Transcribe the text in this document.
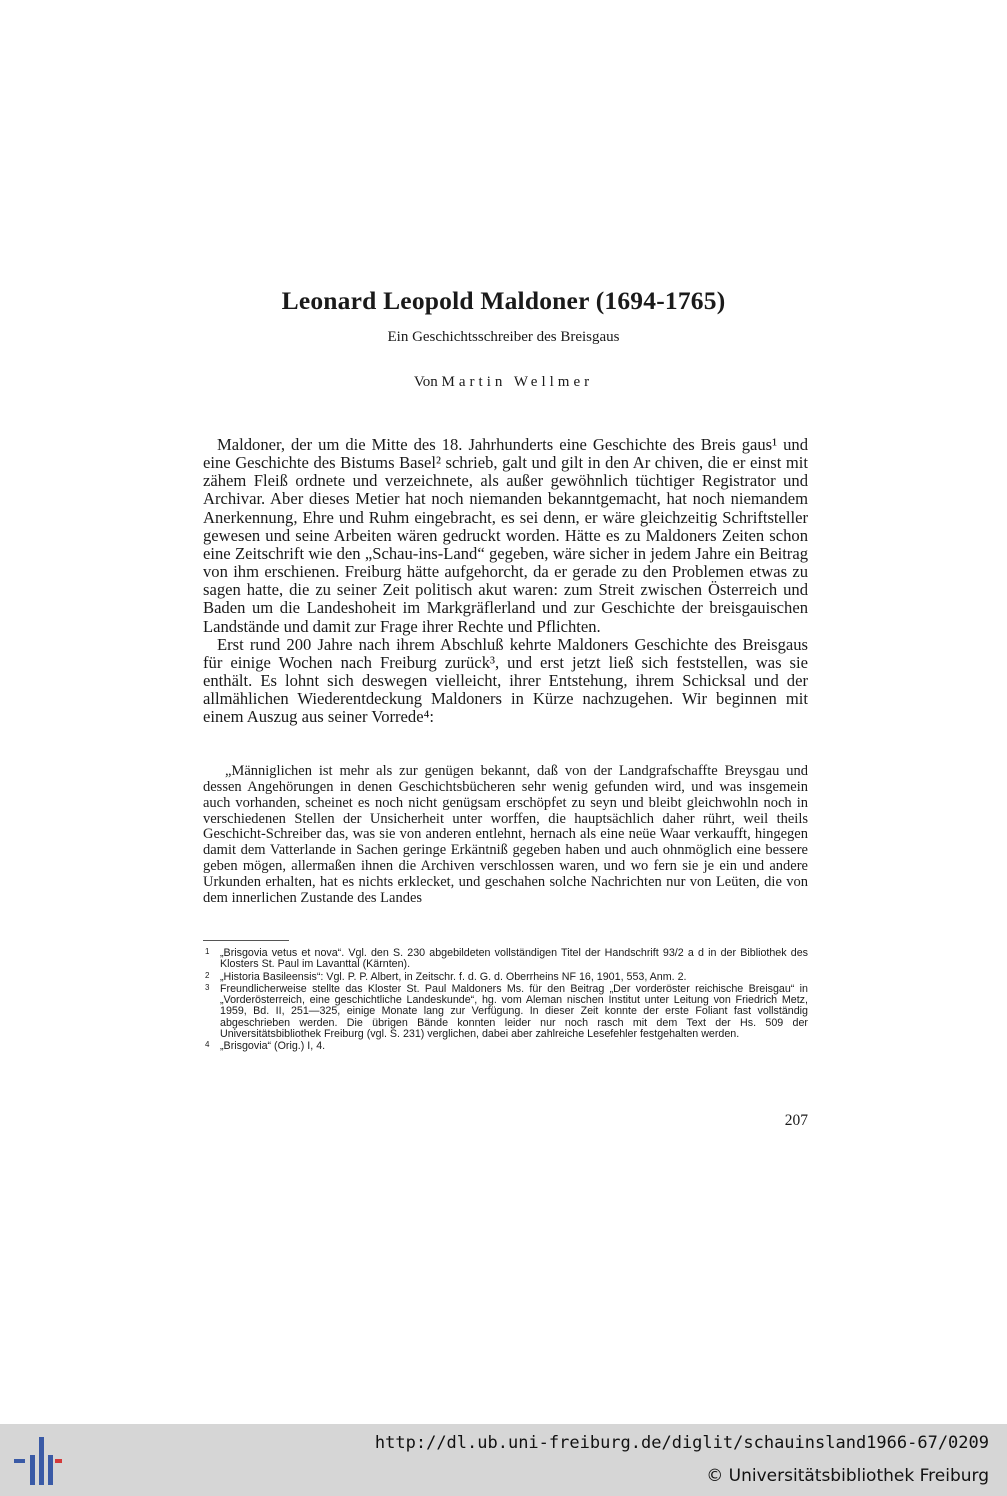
Leonard Leopold Maldoner (1694-1765)

Ein Geschichtsschreiber des Breisgaus

Von Martin Wellmer

Maldoner, der um die Mitte des 18. Jahrhunderts eine Geschichte des Breis gaus¹ und eine Geschichte des Bistums Basel² schrieb, galt und gilt in den Ar chiven, die er einst mit zähem Fleiß ordnete und verzeichnete, als außer gewöhnlich tüchtiger Registrator und Archivar. Aber dieses Metier hat noch niemanden bekanntgemacht, hat noch niemandem Anerkennung, Ehre und Ruhm eingebracht, es sei denn, er wäre gleichzeitig Schriftsteller gewesen und seine Arbeiten wären gedruckt worden. Hätte es zu Maldoners Zeiten schon eine Zeitschrift wie den „Schau-ins-Land“ gegeben, wäre sicher in jedem Jahre ein Beitrag von ihm erschienen. Freiburg hätte aufgehorcht, da er gerade zu den Problemen etwas zu sagen hatte, die zu seiner Zeit politisch akut waren: zum Streit zwischen Österreich und Baden um die Landeshoheit im Markgräflerland und zur Geschichte der breisgauischen Landstände und damit zur Frage ihrer Rechte und Pflichten.

Erst rund 200 Jahre nach ihrem Abschluß kehrte Maldoners Geschichte des Breisgaus für einige Wochen nach Freiburg zurück³, und erst jetzt ließ sich feststellen, was sie enthält. Es lohnt sich deswegen vielleicht, ihrer Entstehung, ihrem Schicksal und der allmählichen Wiederentdeckung Maldoners in Kürze nachzugehen. Wir beginnen mit einem Auszug aus seiner Vorrede⁴:

„Männiglichen ist mehr als zur genügen bekannt, daß von der Landgrafschaffte Breysgau und dessen Angehörungen in denen Geschichtsbücheren sehr wenig gefunden wird, und was insgemein auch vorhanden, scheinet es noch nicht genügsam erschöpfet zu seyn und bleibt gleichwohln noch in verschiedenen Stellen der Unsicherheit unter worffen, die hauptsächlich daher rührt, weil theils Geschicht-Schreiber das, was sie von anderen entlehnt, hernach als eine neüe Waar verkaufft, hingegen damit dem Vatterlande in Sachen geringe Erkäntniß gegeben haben und auch ohnmöglich eine bessere geben mögen, allermaßen ihnen die Archiven verschlossen waren, und wo fern sie je ein und andere Urkunden erhalten, hat es nichts erklecket, und geschahen solche Nachrichten nur von Leüten, die von dem innerlichen Zustande des Landes

1 „Brisgovia vetus et nova“. Vgl. den S. 230 abgebildeten vollständigen Titel der Handschrift 93/2 a d in der Bibliothek des Klosters St. Paul im Lavanttal (Kärnten).

2 „Historia Basileensis“: Vgl. P. P. Albert, in Zeitschr. f. d. G. d. Oberrheins NF 16, 1901, 553, Anm. 2.

3 Freundlicherweise stellte das Kloster St. Paul Maldoners Ms. für den Beitrag „Der vorderöster reichische Breisgau“ in „Vorderösterreich, eine geschichtliche Landeskunde“, hg. vom Aleman nischen Institut unter Leitung von Friedrich Metz, 1959, Bd. II, 251—325, einige Monate lang zur Verfügung. In dieser Zeit konnte der erste Foliant fast vollständig abgeschrieben werden. Die übrigen Bände konnten leider nur noch rasch mit dem Text der Hs. 509 der Universitätsbibliothek Freiburg (vgl. S. 231) verglichen, dabei aber zahlreiche Lesefehler festgehalten werden.

4 „Brisgovia“ (Orig.) I, 4.

207

http://dl.ub.uni-freiburg.de/diglit/schauinsland1966-67/0209
© Universitätsbibliothek Freiburg
